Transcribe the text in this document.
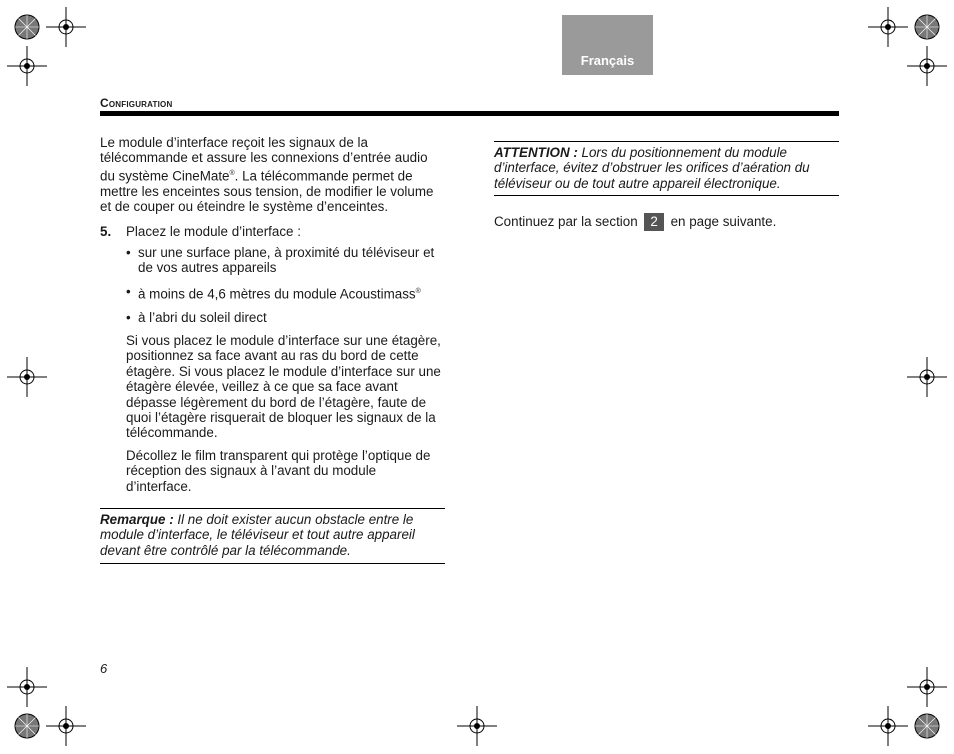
Français
Configuration

Le module d’interface reçoit les signaux de la télécommande et assure les connexions d’entrée audio du système CineMate®. La télécommande permet de mettre les enceintes sous tension, de modifier le volume et de couper ou éteindre le système d’enceintes.

5.	Placez le module d’interface :
• sur une surface plane, à proximité du téléviseur et de vos autres appareils
• à moins de 4,6 mètres du module Acoustimass®
• à l’abri du soleil direct

Si vous placez le module d’interface sur une étagère, positionnez sa face avant au ras du bord de cette étagère. Si vous placez le module d’interface sur une étagère élevée, veillez à ce que sa face avant dépasse légèrement du bord de l’étagère, faute de quoi l’étagère risquerait de bloquer les signaux de la télécommande.

Décollez le film transparent qui protège l’optique de réception des signaux à l’avant du module d’interface.

Remarque : Il ne doit exister aucun obstacle entre le module d’interface, le téléviseur et tout autre appareil devant être contrôlé par la télécommande.
ATTENTION : Lors du positionnement du module d’interface, évitez d’obstruer les orifices d’aération du téléviseur ou de tout autre appareil électronique.

Continuez par la section 2 en page suivante.

6
